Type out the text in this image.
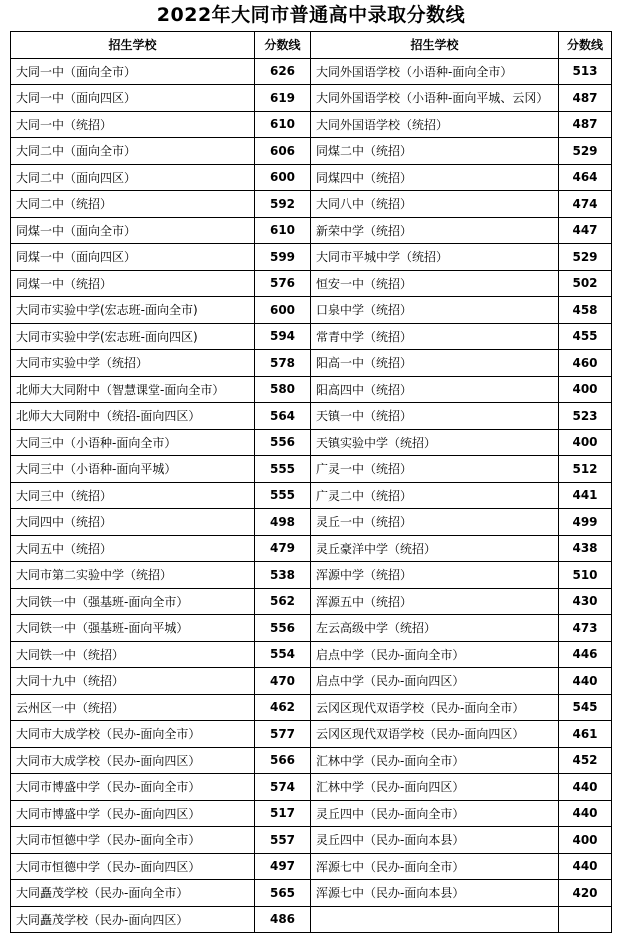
2022年大同市普通高中录取分数线
招生学校	分数线	招生学校	分数线
大同一中（面向全市）	626	大同外国语学校（小语种-面向全市）	513
大同一中（面向四区）	619	大同外国语学校（小语种-面向平城、云冈）	487
大同一中（统招）	610	大同外国语学校（统招）	487
大同二中（面向全市）	606	同煤二中（统招）	529
大同二中（面向四区）	600	同煤四中（统招）	464
大同二中（统招）	592	大同八中（统招）	474
同煤一中（面向全市）	610	新荣中学（统招）	447
同煤一中（面向四区）	599	大同市平城中学（统招）	529
同煤一中（统招）	576	恒安一中（统招）	502
大同市实验中学(宏志班-面向全市)	600	口泉中学（统招）	458
大同市实验中学(宏志班-面向四区)	594	常青中学（统招）	455
大同市实验中学（统招）	578	阳高一中（统招）	460
北师大大同附中（智慧课堂-面向全市）	580	阳高四中（统招）	400
北师大大同附中（统招-面向四区）	564	天镇一中（统招）	523
大同三中（小语种-面向全市）	556	天镇实验中学（统招）	400
大同三中（小语种-面向平城）	555	广灵一中（统招）	512
大同三中（统招）	555	广灵二中（统招）	441
大同四中（统招）	498	灵丘一中（统招）	499
大同五中（统招）	479	灵丘豪洋中学（统招）	438
大同市第二实验中学（统招）	538	浑源中学（统招）	510
大同铁一中（强基班-面向全市）	562	浑源五中（统招）	430
大同铁一中（强基班-面向平城）	556	左云高级中学（统招）	473
大同铁一中（统招）	554	启点中学（民办-面向全市）	446
大同十九中（统招）	470	启点中学（民办-面向四区）	440
云州区一中（统招）	462	云冈区现代双语学校（民办-面向全市）	545
大同市大成学校（民办-面向全市）	577	云冈区现代双语学校（民办-面向四区）	461
大同市大成学校（民办-面向四区）	566	汇林中学（民办-面向全市）	452
大同市博盛中学（民办-面向全市）	574	汇林中学（民办-面向四区）	440
大同市博盛中学（民办-面向四区）	517	灵丘四中（民办-面向全市）	440
大同市恒德中学（民办-面向全市）	557	灵丘四中（民办-面向本县）	400
大同市恒德中学（民办-面向四区）	497	浑源七中（民办-面向全市）	440
大同矗茂学校（民办-面向全市）	565	浑源七中（民办-面向本县）	420
大同矗茂学校（民办-面向四区）	486		
